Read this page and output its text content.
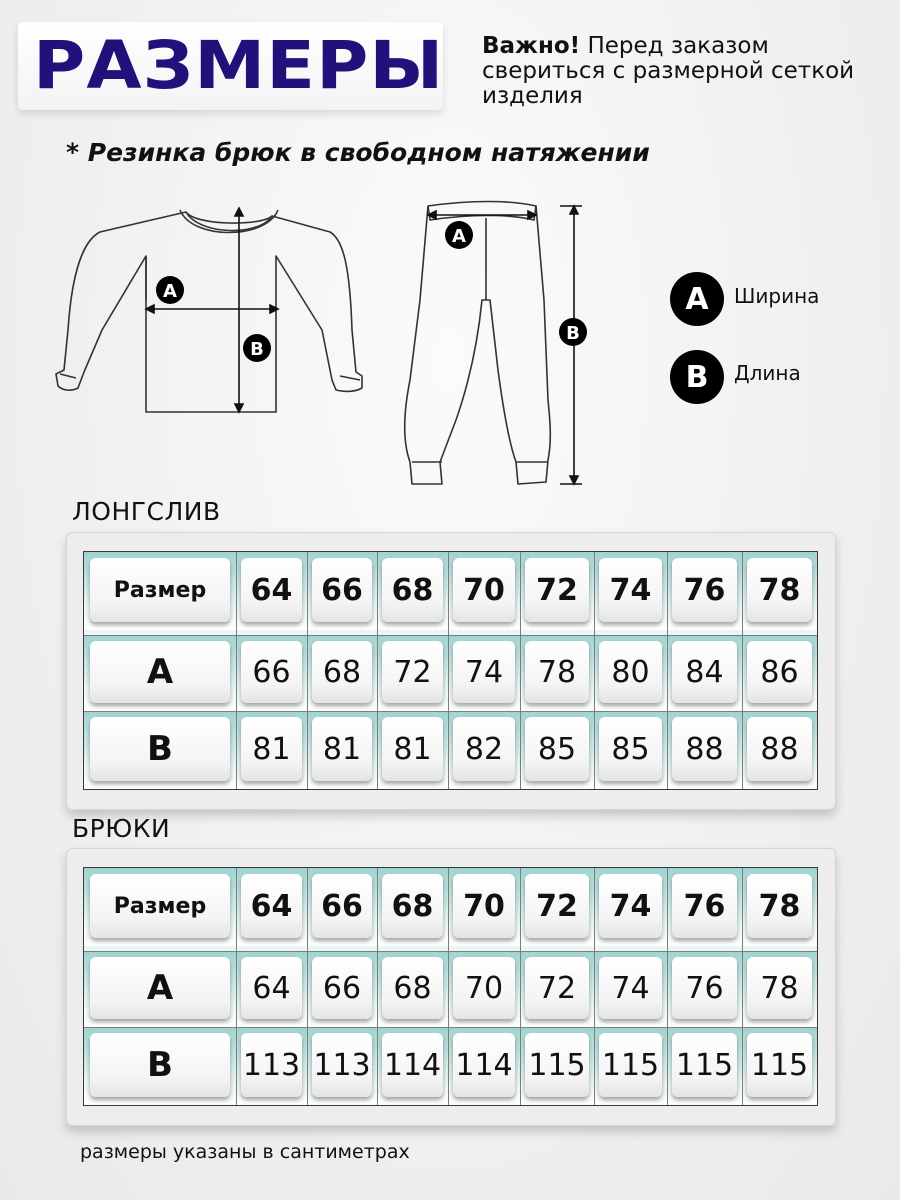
РАЗМЕРЫ Важно! Перед заказом свериться с размерной сеткой изделия
* Резинка брюк в свободном натяжении
A
B
A
B
A	Ширина
B	Длина
ЛОНГСЛИВ
БРЮКИ
Размер	64 66 68 70	72	74	76	78
A	66	68	72	74	78	80	84	86
B	81	81	81	82	85	85	88	88
Размер	64 66 68 70	72	74	76	78
A	64	66	68	70	72	74	76	78
B	113 113 114 114 115 115 115 115
размеры указаны в сантиметрах
